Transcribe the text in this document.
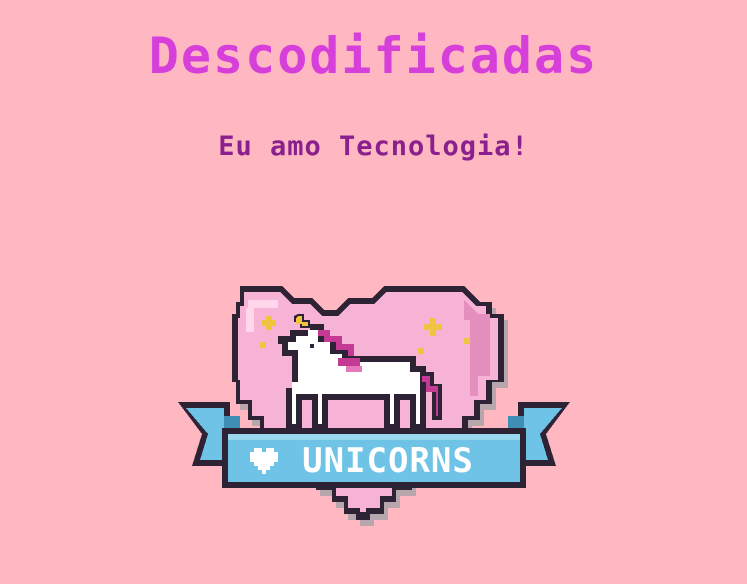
Descodificadas
Eu amo Tecnologia!
UNICORNS
